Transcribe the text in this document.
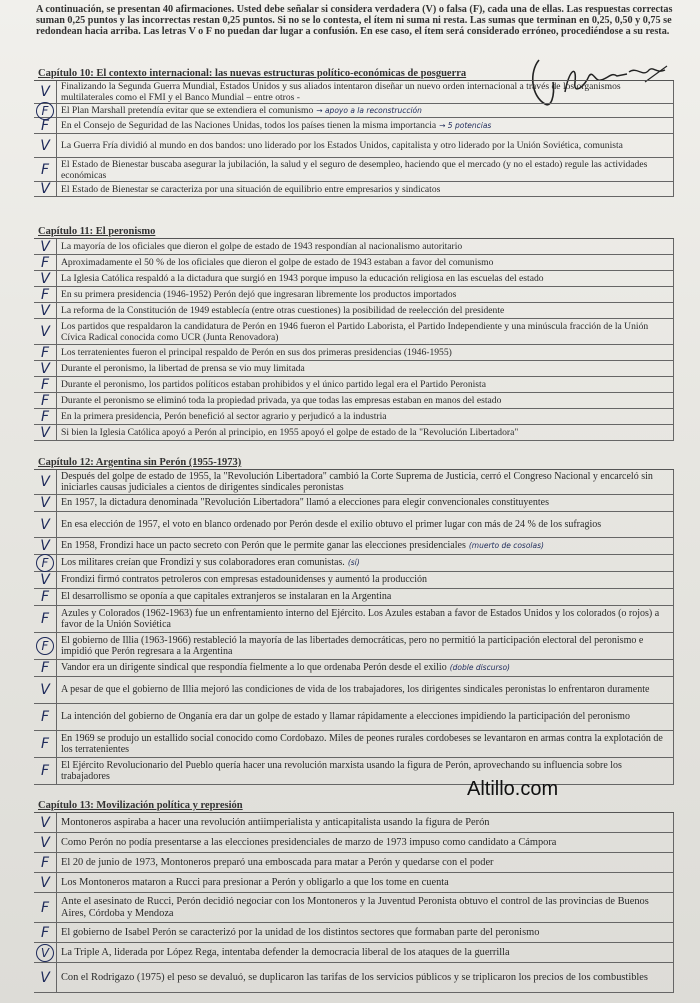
A continuación, se presentan 40 afirmaciones. Usted debe señalar si considera verdadera (V) o falsa (F), cada una de ellas. Las respuestas correctas suman 0,25 puntos y las incorrectas restan 0,25 puntos. Si no se lo contesta, el ítem ni suma ni resta. Las sumas que terminan en 0,25, 0,50 y 0,75 se redondean hacia arriba. Las letras V o F no puedan dar lugar a confusión. En ese caso, el ítem será considerado erróneo, procediéndose a su resta.
Capítulo 10: El contexto internacional: las nuevas estructuras político-económicas de posguerra
V Finalizando la Segunda Guerra Mundial, Estados Unidos y sus aliados intentaron diseñar un nuevo orden internacional a través de los organismos multilaterales como el FMI y el Banco Mundial – entre otros -
F	El Plan Marshall pretendía evitar que se extendiera el comunismo → apoyo a la reconstrucción
F En el Consejo de Seguridad de las Naciones Unidas, todos los países tienen la misma importancia → 5 potencias
V La Guerra Fría dividió al mundo en dos bandos: uno liderado por los Estados Unidos, capitalista y otro liderado por la Unión Soviética, comunista
F El Estado de Bienestar buscaba asegurar la jubilación, la salud y el seguro de desempleo, haciendo que el mercado (y no el estado) regule las actividades económicas
V El Estado de Bienestar se caracteriza por una situación de equilibrio entre empresarios y sindicatos
Capítulo 11: El peronismo
V La mayoría de los oficiales que dieron el golpe de estado de 1943 respondían al nacionalismo autoritario
F Aproximadamente el 50 % de los oficiales que dieron el golpe de estado de 1943 estaban a favor del comunismo
V La Iglesia Católica respaldó a la dictadura que surgió en 1943 porque impuso la educación religiosa en las escuelas del estado
F En su primera presidencia (1946-1952) Perón dejó que ingresaran libremente los productos importados
V La reforma de la Constitución de 1949 establecía (entre otras cuestiones) la posibilidad de reelección del presidente
V Los partidos que respaldaron la candidatura de Perón en 1946 fueron el Partido Laborista, el Partido Independiente y una minúscula fracción de la Unión Cívica Radical conocida como UCR (Junta Renovadora)
F Los terratenientes fueron el principal respaldo de Perón en sus dos primeras presidencias (1946-1955)
V Durante el peronismo, la libertad de prensa se vio muy limitada
F Durante el peronismo, los partidos políticos estaban prohibidos y el único partido legal era el Partido Peronista
F Durante el peronismo se eliminó toda la propiedad privada, ya que todas las empresas estaban en manos del estado
F En la primera presidencia, Perón benefició al sector agrario y perjudicó a la industria
V Si bien la Iglesia Católica apoyó a Perón al principio, en 1955 apoyó el golpe de estado de la "Revolución Libertadora"
Capítulo 12: Argentina sin Perón (1955-1973)
V Después del golpe de estado de 1955, la "Revolución Libertadora" cambió la Corte Suprema de Justicia, cerró el Congreso Nacional y encarceló sin iniciarles causas judiciales a cientos de dirigentes sindicales peronistas
V En 1957, la dictadura denominada "Revolución Libertadora" llamó a elecciones para elegir convencionales constituyentes
V En esa elección de 1957, el voto en blanco ordenado por Perón desde el exilio obtuvo el primer lugar con más de 24 % de los sufragios
V En 1958, Frondizi hace un pacto secreto con Perón que le permite ganar las elecciones presidenciales (muerto de cosolas)
F	Los militares creían que Frondizi y sus colaboradores eran comunistas. (sí)
V Frondizi firmó contratos petroleros con empresas estadounidenses y aumentó la producción
F El desarrollismo se oponía a que capitales extranjeros se instalaran en la Argentina
F Azules y Colorados (1962-1963) fue un enfrentamiento interno del Ejército. Los Azules estaban a favor de Estados Unidos y los colorados (o rojos) a favor de la Unión Soviética
F	El gobierno de Illia (1963-1966) restableció la mayoría de las libertades democráticas, pero no permitió la participación electoral del peronismo e impidió que Perón regresara a la Argentina
F Vandor era un dirigente sindical que respondía fielmente a lo que ordenaba Perón desde el exilio (doble discurso)
V A pesar de que el gobierno de Illia mejoró las condiciones de vida de los trabajadores, los dirigentes sindicales peronistas lo enfrentaron duramente
F La intención del gobierno de Onganía era dar un golpe de estado y llamar rápidamente a elecciones impidiendo la participación del peronismo
F En 1969 se produjo un estallido social conocido como Cordobazo. Miles de peones rurales cordobeses se levantaron en armas contra la explotación de los terratenientes
F El Ejército Revolucionario del Pueblo quería hacer una revolución marxista usando la figura de Perón, aprovechando su influencia sobre los trabajadores
Altillo.com
Capítulo 13: Movilización política y represión
V Montoneros aspiraba a hacer una revolución antiimperialista y anticapitalista usando la figura de Perón
V Como Perón no podía presentarse a las elecciones presidenciales de marzo de 1973 impuso como candidato a Cámpora
F El 20 de junio de 1973, Montoneros preparó una emboscada para matar a Perón y quedarse con el poder
V Los Montoneros mataron a Rucci para presionar a Perón y obligarlo a que los tome en cuenta
F Ante el asesinato de Rucci, Perón decidió negociar con los Montoneros y la Juventud Peronista obtuvo el control de las provincias de Buenos Aires, Córdoba y Mendoza
F El gobierno de Isabel Perón se caracterizó por la unidad de los distintos sectores que formaban parte del peronismo
V	La Triple A, liderada por López Rega, intentaba defender la democracia liberal de los ataques de la guerrilla
V Con el Rodrigazo (1975) el peso se devaluó, se duplicaron las tarifas de los servicios públicos y se triplicaron los precios de los combustibles
